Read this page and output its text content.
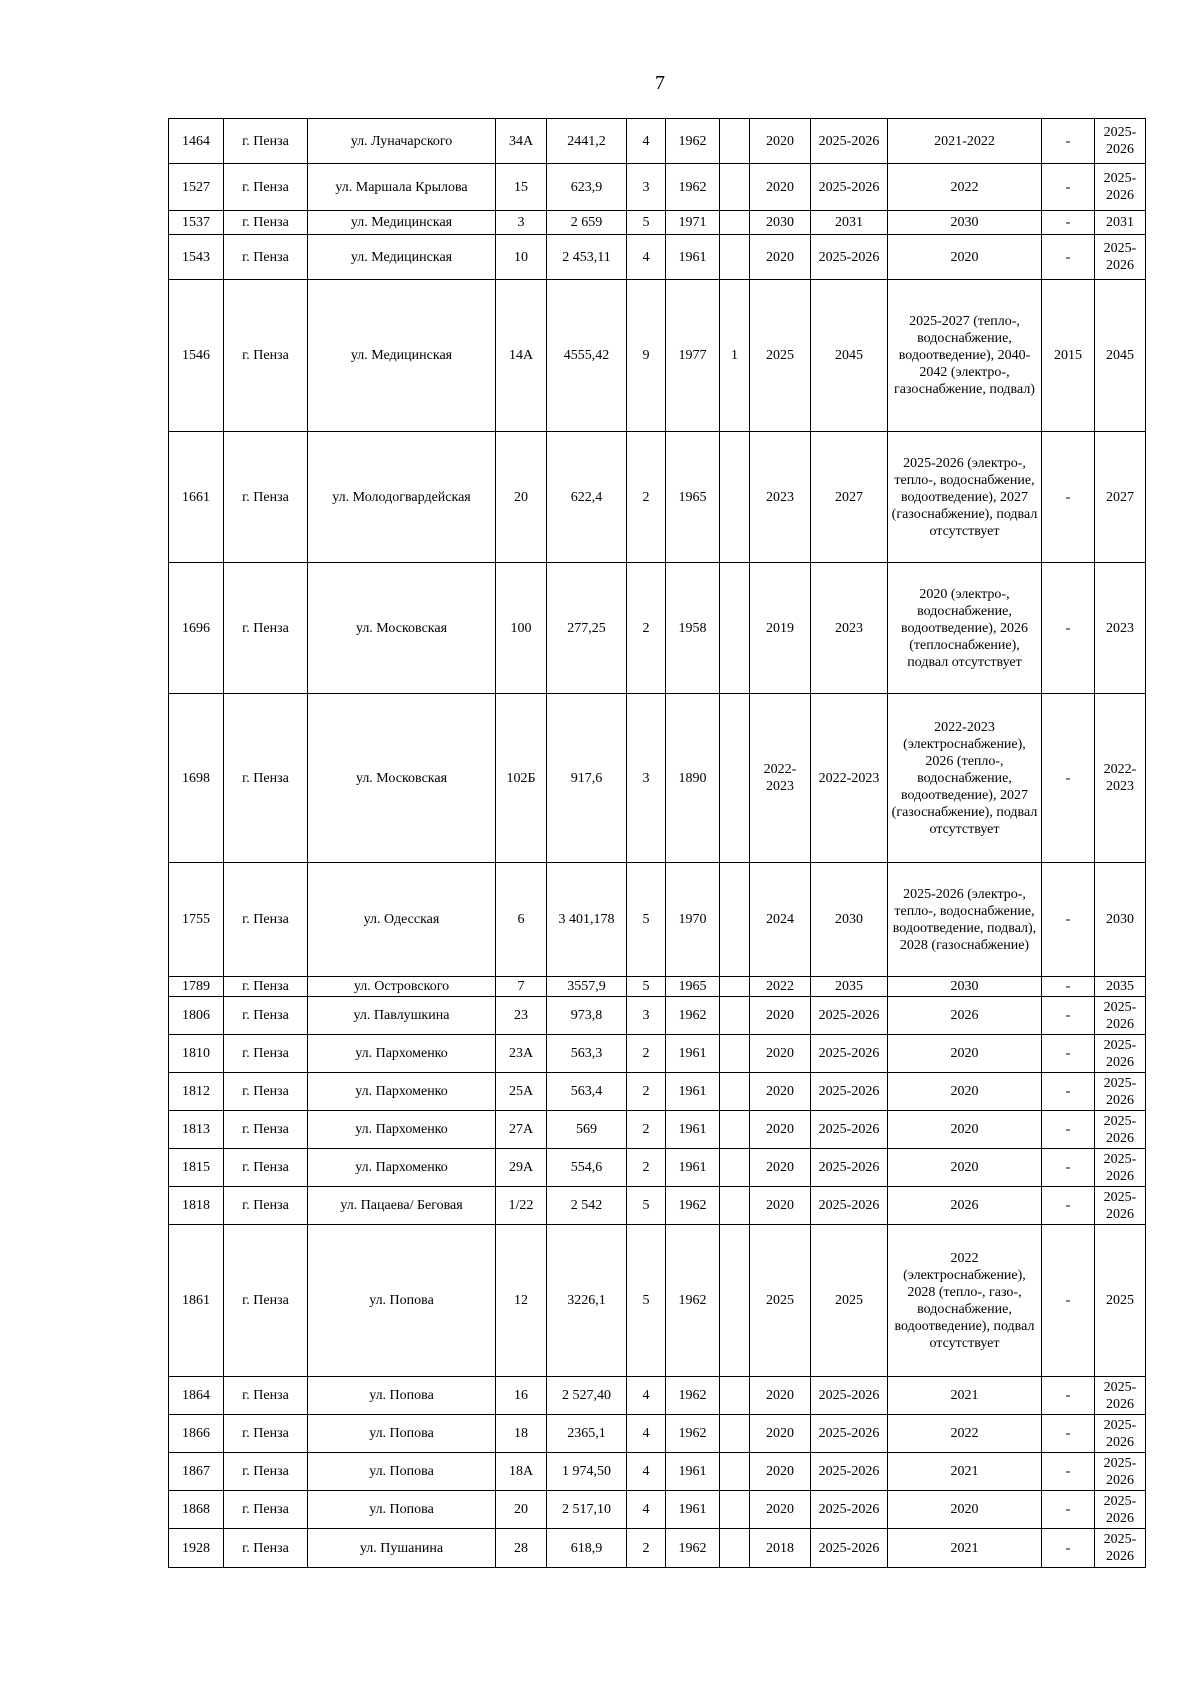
7
1464	г. Пенза	ул. Луначарского	34А	2441,2	4	1962		2020	2025-2026	2021-2022	-	2025-2026
1527	г. Пенза	ул. Маршала Крылова	15	623,9	3	1962		2020	2025-2026	2022	-	2025-2026
1537	г. Пенза	ул. Медицинская	3	2 659	5	1971		2030	2031	2030	-	2031
1543	г. Пенза	ул. Медицинская	10	2 453,11	4	1961		2020	2025-2026	2020	-	2025-2026
1546	г. Пенза	ул. Медицинская	14А	4555,42	9	1977	1	2025	2045	2025-2027 (тепло-, водоснабжение, водоотведение), 2040-2042 (электро-, газоснабжение, подвал)	2015	2045
1661	г. Пенза	ул. Молодогвардейская	20	622,4	2	1965		2023	2027	2025-2026 (электро-, тепло-, водоснабжение, водоотведение), 2027 (газоснабжение), подвал отсутствует	-	2027
1696	г. Пенза	ул. Московская	100	277,25	2	1958		2019	2023	2020 (электро-, водоснабжение, водоотведение), 2026 (теплоснабжение), подвал отсутствует	-	2023
1698	г. Пенза	ул. Московская	102Б	917,6	3	1890		2022-2023	2022-2023	2022-2023 (электроснабжение), 2026 (тепло-, водоснабжение, водоотведение), 2027 (газоснабжение), подвал отсутствует	-	2022-2023
1755	г. Пенза	ул. Одесская	6	3 401,178	5	1970		2024	2030	2025-2026 (электро-, тепло-, водоснабжение, водоотведение, подвал), 2028 (газоснабжение)	-	2030
1789	г. Пенза	ул. Островского	7	3557,9	5	1965		2022	2035	2030	-	2035
1806	г. Пенза	ул. Павлушкина	23	973,8	3	1962		2020	2025-2026	2026	-	2025-2026
1810	г. Пенза	ул. Пархоменко	23А	563,3	2	1961		2020	2025-2026	2020	-	2025-2026
1812	г. Пенза	ул. Пархоменко	25А	563,4	2	1961		2020	2025-2026	2020	-	2025-2026
1813	г. Пенза	ул. Пархоменко	27А	569	2	1961		2020	2025-2026	2020	-	2025-2026
1815	г. Пенза	ул. Пархоменко	29А	554,6	2	1961		2020	2025-2026	2020	-	2025-2026
1818	г. Пенза	ул. Пацаева/ Беговая	1/22	2 542	5	1962		2020	2025-2026	2026	-	2025-2026
1861	г. Пенза	ул. Попова	12	3226,1	5	1962		2025	2025	2022 (электроснабжение), 2028 (тепло-, газо-, водоснабжение, водоотведение), подвал отсутствует	-	2025
1864	г. Пенза	ул. Попова	16	2 527,40	4	1962		2020	2025-2026	2021	-	2025-2026
1866	г. Пенза	ул. Попова	18	2365,1	4	1962		2020	2025-2026	2022	-	2025-2026
1867	г. Пенза	ул. Попова	18А	1 974,50	4	1961		2020	2025-2026	2021	-	2025-2026
1868	г. Пенза	ул. Попова	20	2 517,10	4	1961		2020	2025-2026	2020	-	2025-2026
1928	г. Пенза	ул. Пушанина	28	618,9	2	1962		2018	2025-2026	2021	-	2025-2026
